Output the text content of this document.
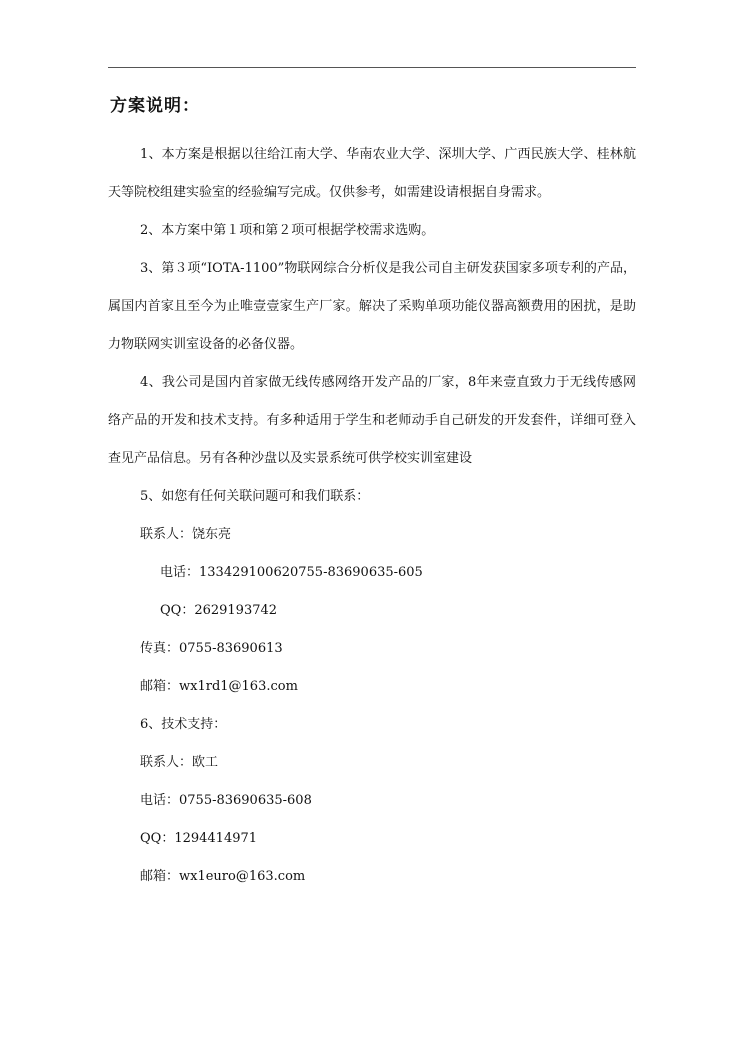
方案说明：

1、本方案是根据以往给江南大学、华南农业大学、深圳大学、广西民族大学、桂林航天等院校组建实验室的经验编写完成。仅供参考，如需建设请根据自身需求。

2、本方案中第１项和第２项可根据学校需求选购。

3、第３项“IOTA-1100”物联网综合分析仪是我公司自主研发获国家多项专利的产品，属国内首家且至今为止唯壹壹家生产厂家。解决了采购单项功能仪器高额费用的困扰，是助力物联网实训室设备的必备仪器。

4、我公司是国内首家做无线传感网络开发产品的厂家，8年来壹直致力于无线传感网络产品的开发和技术支持。有多种适用于学生和老师动手自己研发的开发套件，详细可登入查见产品信息。另有各种沙盘以及实景系统可供学校实训室建设

5、如您有任何关联问题可和我们联系：

联系人：饶东亮

电话：133429100620755-83690635-605

QQ：2629193742

传真：0755-83690613

邮箱：wx1rd1@163.com

6、技术支持：

联系人：欧工

电话：0755-83690635-608

QQ：1294414971

邮箱：wx1euro@163.com
